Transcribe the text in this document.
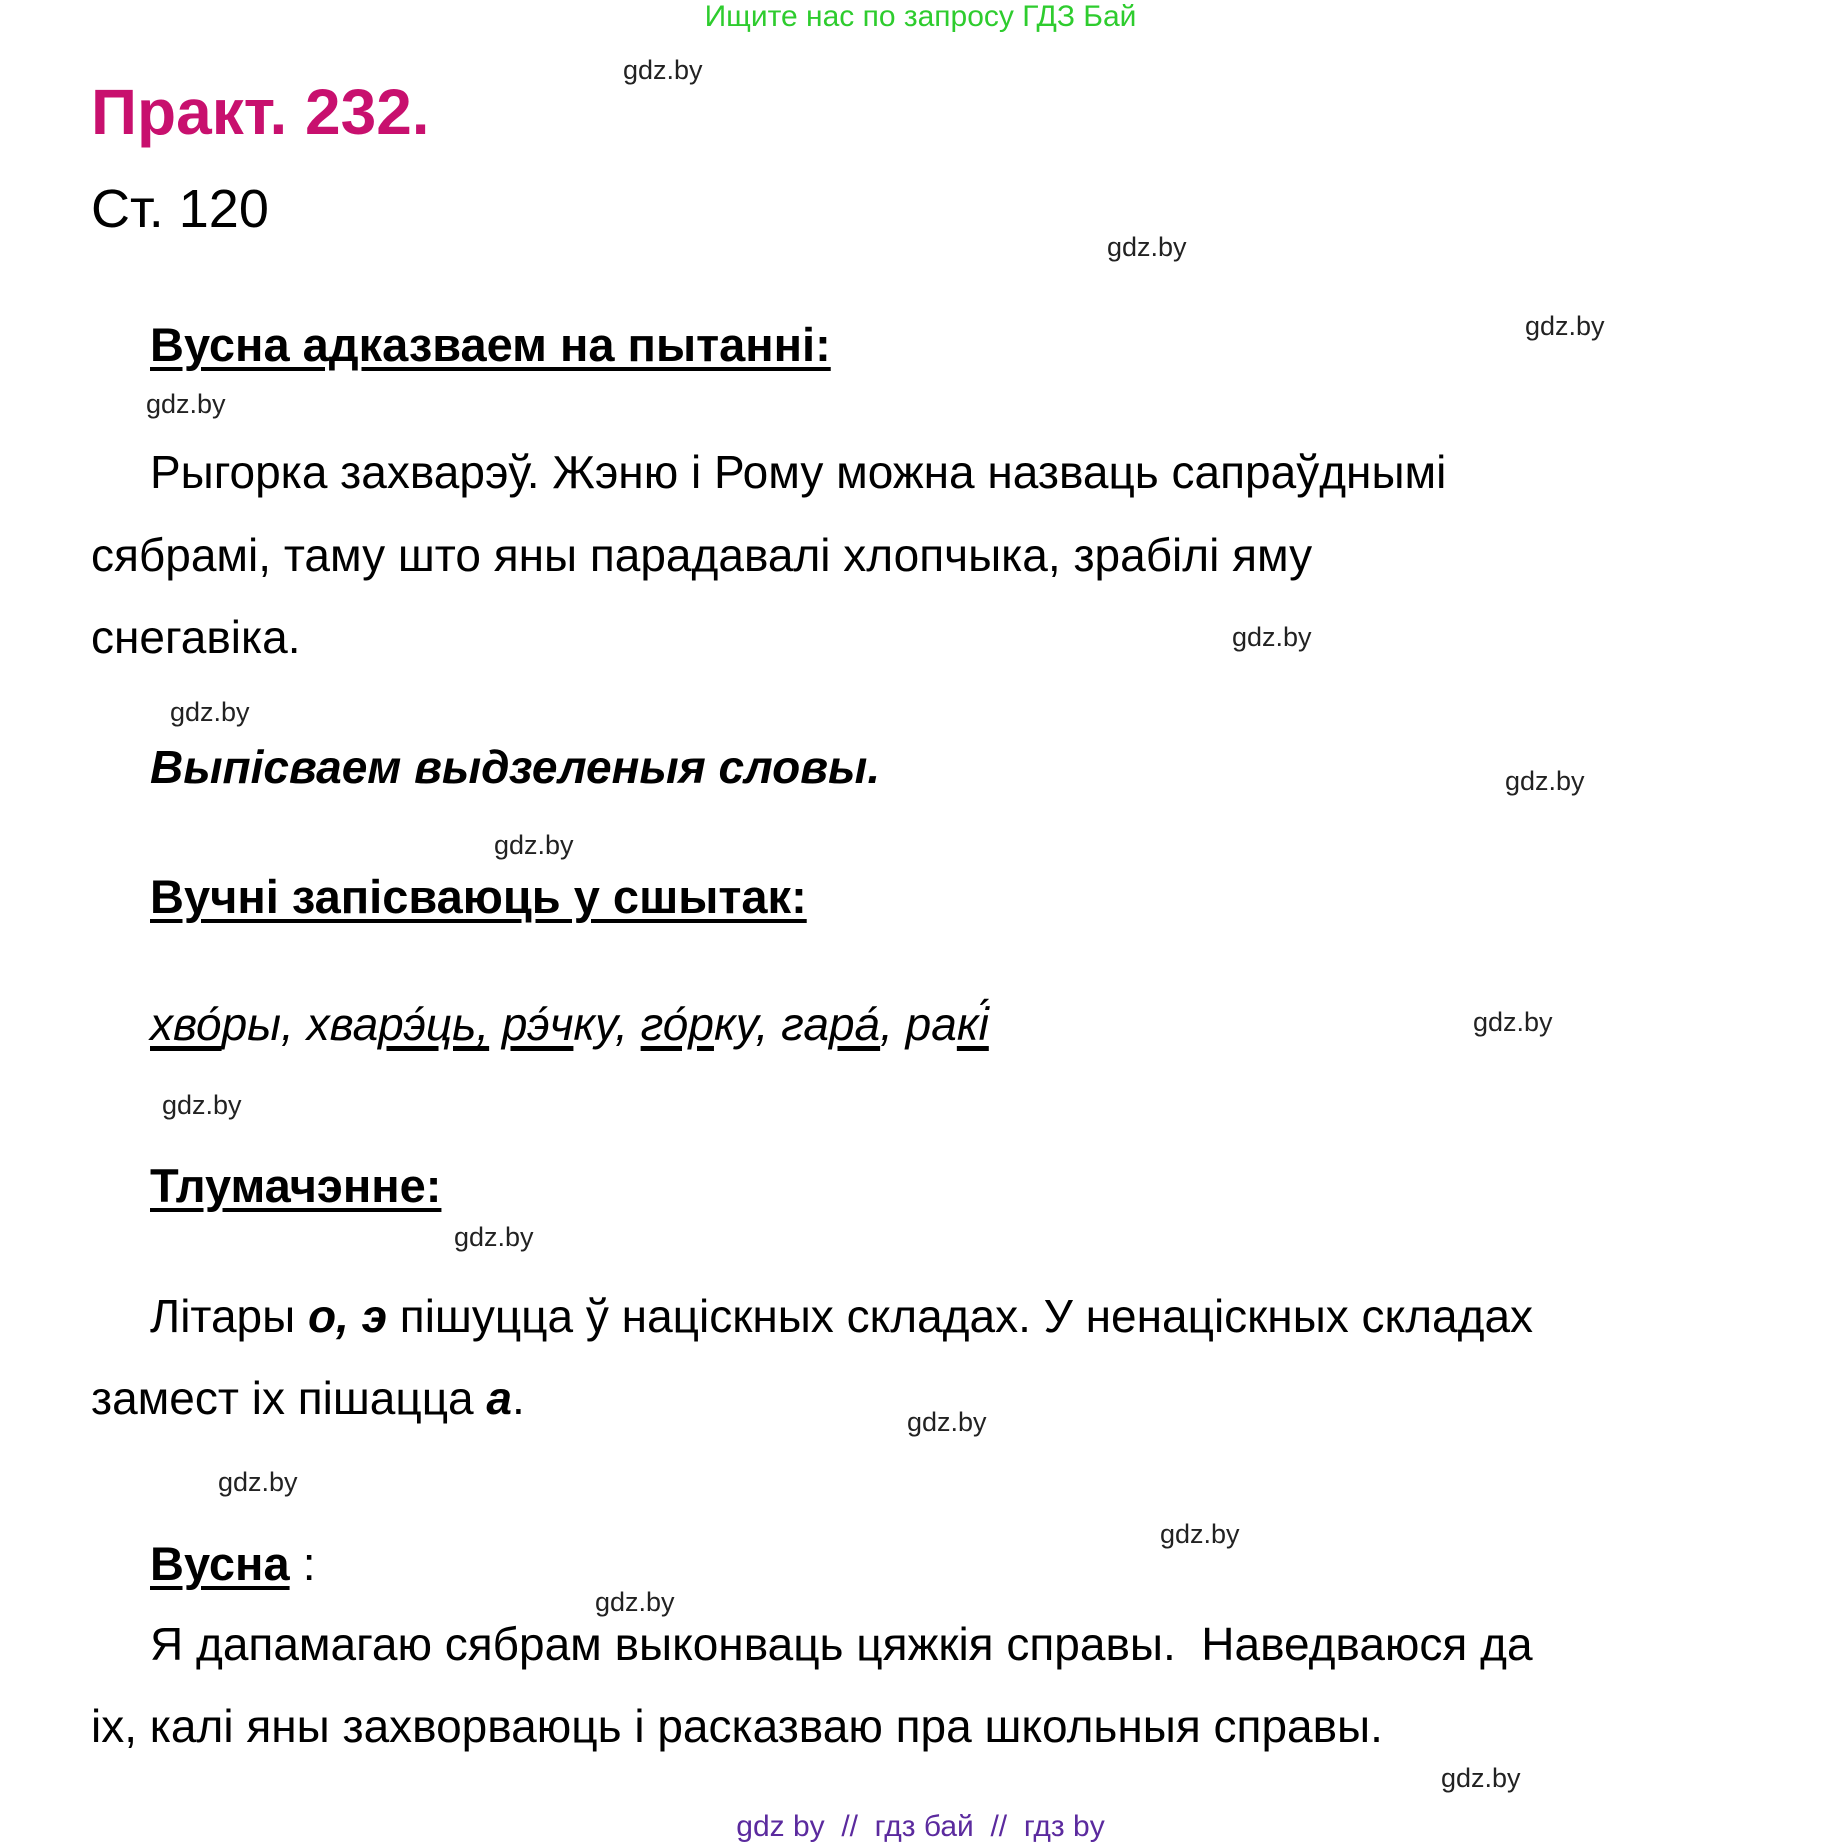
Ищите нас по запросу ГДЗ Бай
Практ. 232.
Ст. 120
Вусна адказваем на пытанні:
Рыгорка захварэў. Жэню і Рому можна назваць сапраўднымі
сябрамі, таму што яны парадавалі хлопчыка, зрабілі яму
снегавіка.
Выпісваем выдзеленыя словы.
Вучні запісваюць у сшытак:
хво́ры, хварэ́ць, рэ́чку, го́рку, гара́, ракі́
Тлумачэнне:
Літары о, э пішуцца ў націскных складах. У ненаціскных складах
замест іх пішацца а.
Вусна :
Я дапамагаю сябрам выконваць цяжкія справы.  Наведваюся да
іх, калі яны захворваюць і расказваю пра школьныя справы.
gdz.by
gdz.by
gdz.by
gdz.by
gdz.by
gdz.by
gdz.by
gdz.by
gdz.by
gdz.by
gdz.by
gdz.by
gdz.by
gdz.by
gdz.by
gdz.by
gdz by  //  гдз бай  //  гдз by
